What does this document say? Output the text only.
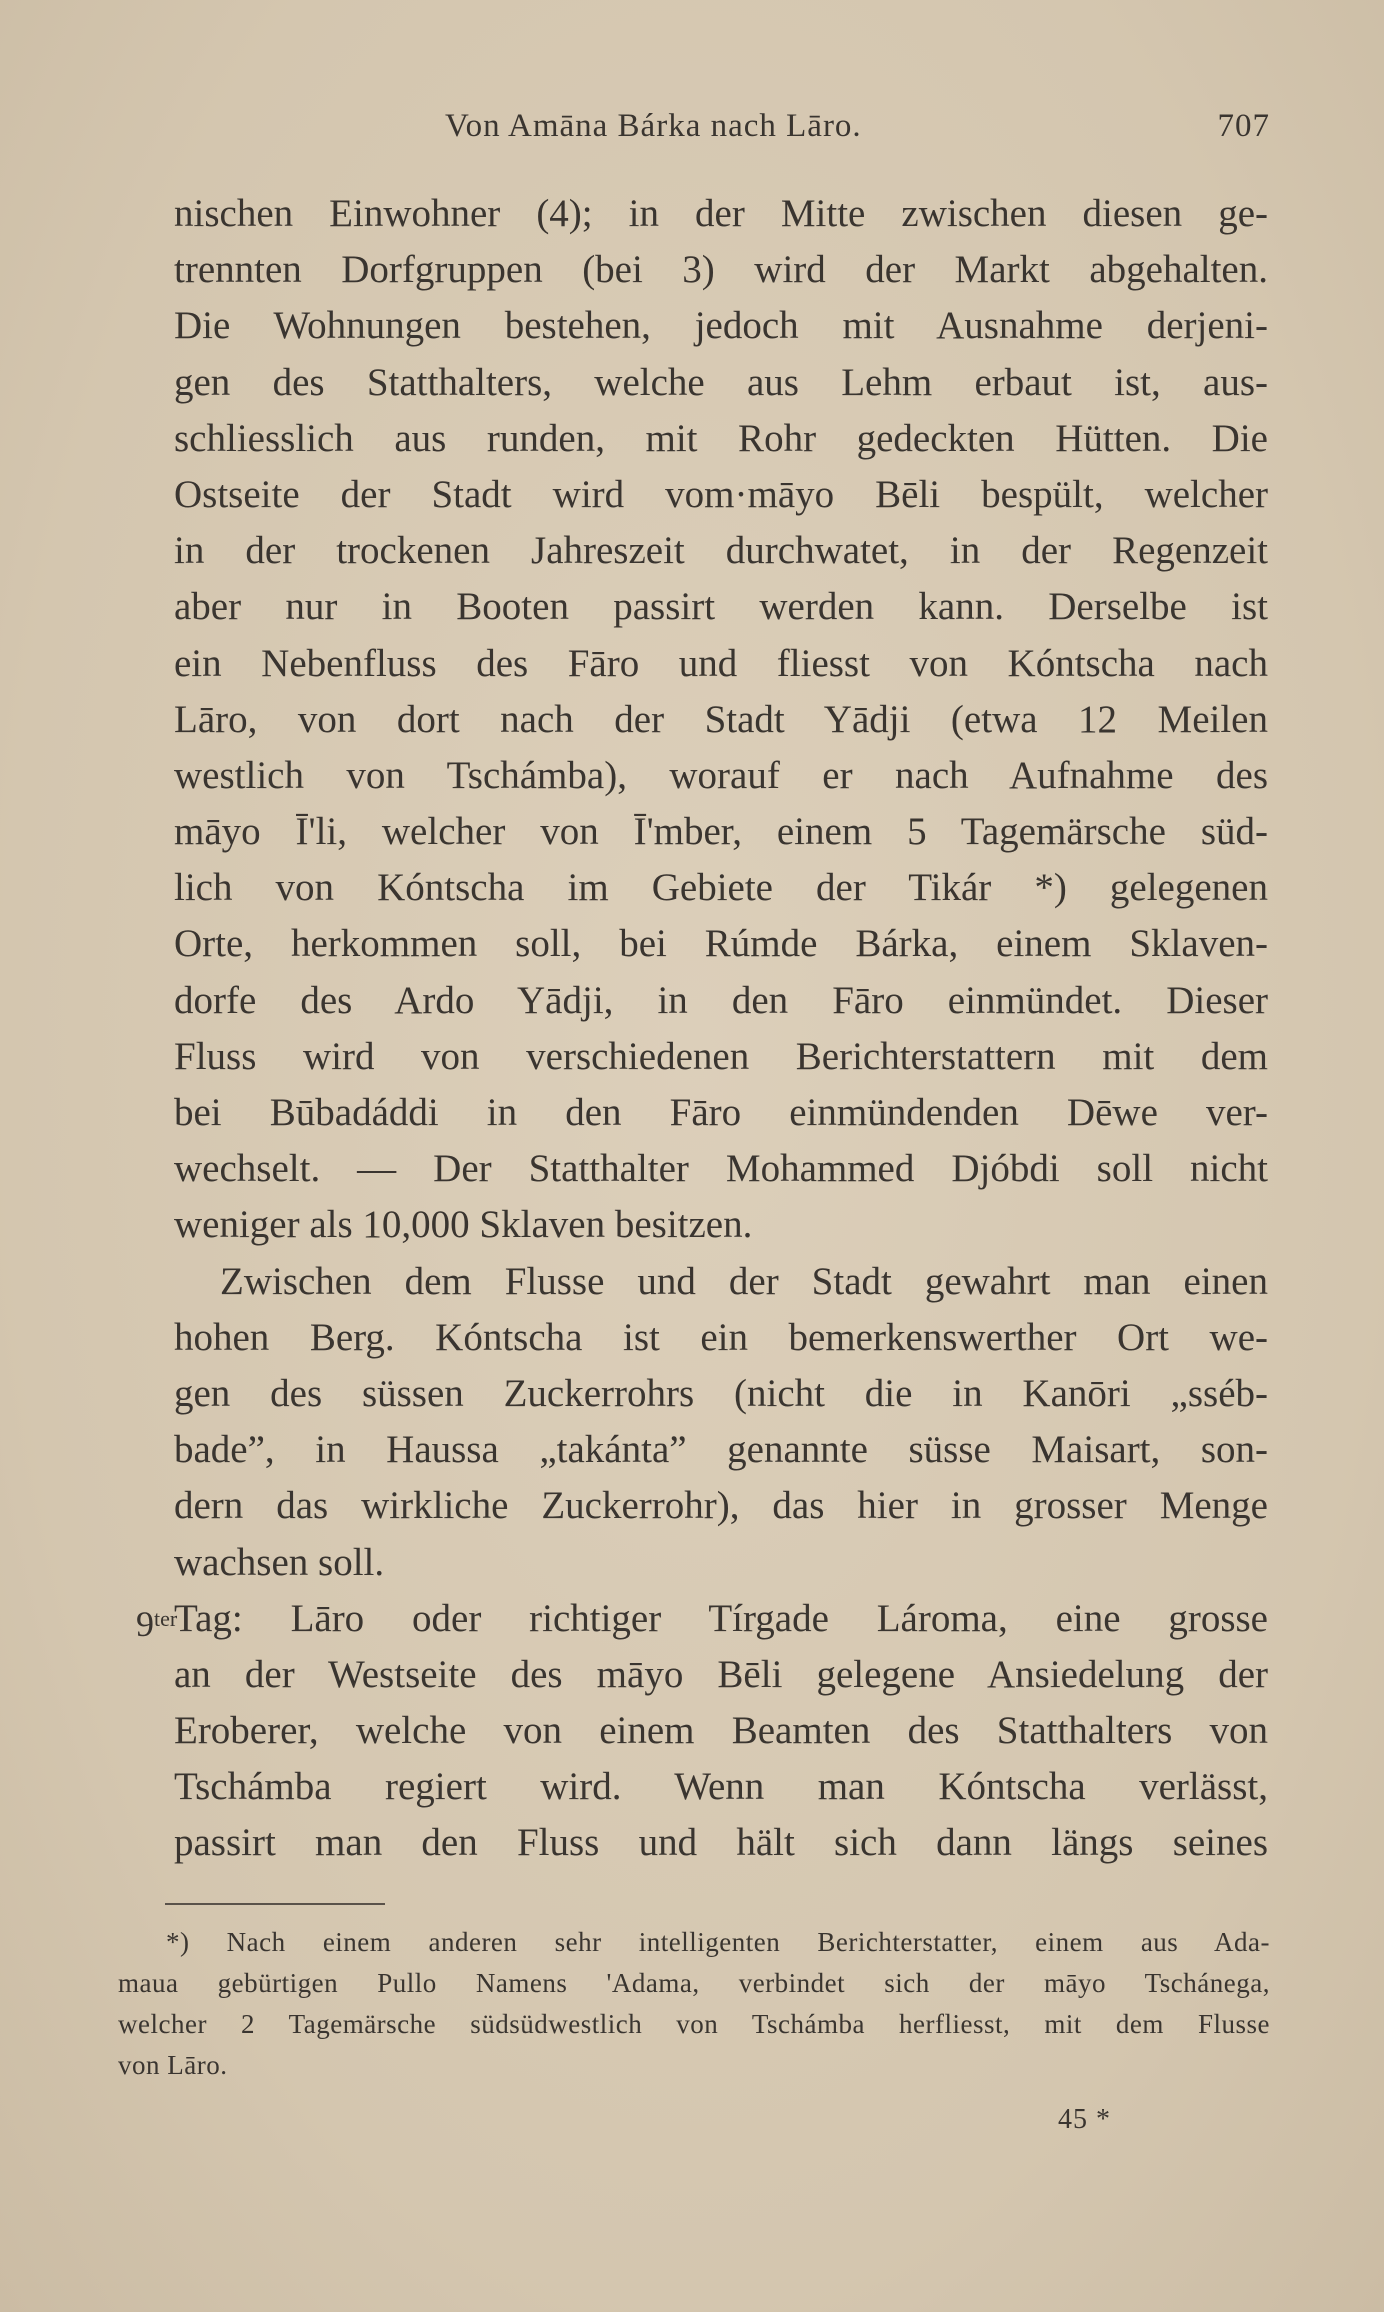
Von Amāna Bárka nach Lāro.	707
nischen Einwohner (4); in der Mitte zwischen diesen ge-
trennten Dorfgruppen (bei 3) wird der Markt abgehalten.
Die Wohnungen bestehen, jedoch mit Ausnahme derjeni-
gen des Statthalters, welche aus Lehm erbaut ist, aus-
schliesslich aus runden, mit Rohr gedeckten Hütten. Die
Ostseite der Stadt wird vom·māyo Bēli bespült, welcher
in der trockenen Jahreszeit durchwatet, in der Regenzeit
aber nur in Booten passirt werden kann. Derselbe ist
ein Nebenfluss des Fāro und fliesst von Kóntscha nach
Lāro, von dort nach der Stadt Yādji (etwa 12 Meilen
westlich von Tschámba), worauf er nach Aufnahme des
māyo Ī'li, welcher von Ī'mber, einem 5 Tagemärsche süd-
lich von Kóntscha im Gebiete der Tikár *) gelegenen
Orte, herkommen soll, bei Rúmde Bárka, einem Sklaven-
dorfe des Ardo Yādji, in den Fāro einmündet. Dieser
Fluss wird von verschiedenen Berichterstattern mit dem
bei Būbadáddi in den Fāro einmündenden Dēwe ver-
wechselt. — Der Statthalter Mohammed Djóbdi soll nicht
weniger als 10,000 Sklaven besitzen.
Zwischen dem Flusse und der Stadt gewahrt man einen
hohen Berg. Kóntscha ist ein bemerkenswerther Ort we-
gen des süssen Zuckerrohrs (nicht die in Kanōri „sséb-
bade”, in Haussa „takánta” genannte süsse Maisart, son-
dern das wirkliche Zuckerrohr), das hier in grosser Menge
wachsen soll.
$9^{ter}$
Tag: Lāro oder richtiger Tírgade Lároma, eine grosse
an der Westseite des māyo Bēli gelegene Ansiedelung der
Eroberer, welche von einem Beamten des Statthalters von
Tschámba regiert wird. Wenn man Kóntscha verlässt,
passirt man den Fluss und hält sich dann längs seines
*) Nach einem anderen sehr intelligenten Berichterstatter, einem aus Ada-
maua gebürtigen Pullo Namens 'Adama, verbindet sich der māyo Tschánega,
welcher 2 Tagemärsche südsüdwestlich von Tschámba herfliesst, mit dem Flusse
von Lāro.
45 *
